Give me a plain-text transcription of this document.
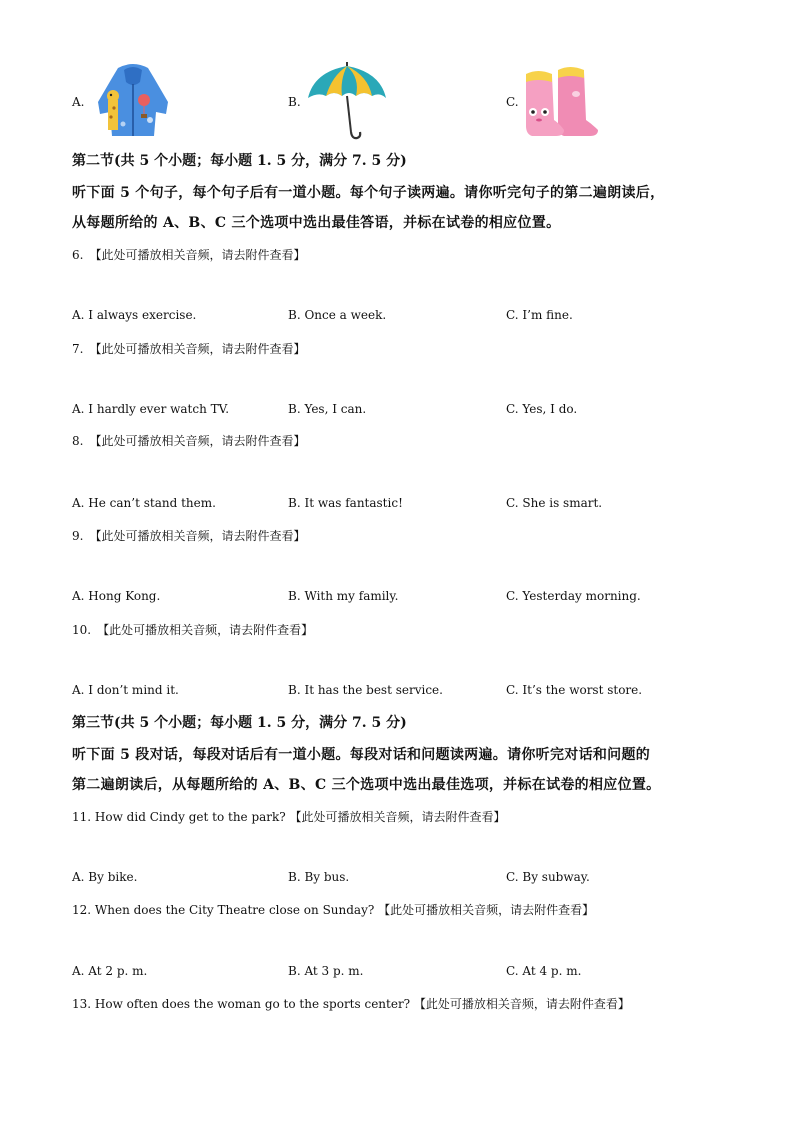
A.	B.	C.
第二节(共 5 个小题；每小题 1. 5 分，满分 7. 5 分)
听下面 5 个句子，每个句子后有一道小题。每个句子读两遍。请你听完句子的第二遍朗读后，
从每题所给的 A、B、C 三个选项中选出最佳答语，并标在试卷的相应位置。
6.　【此处可播放相关音频，请去附件查看】
A. I always exercise.	B. Once a week.	C. I’m fine.
7.　【此处可播放相关音频，请去附件查看】
A. I hardly ever watch TV.	B. Yes, I can.	C. Yes, I do.
8.　【此处可播放相关音频，请去附件查看】
A. He can’t stand them.	B. It was fantastic!	C. She is smart.
9.　【此处可播放相关音频，请去附件查看】
A. Hong Kong.	B. With my family.	C. Yesterday morning.
10.　【此处可播放相关音频，请去附件查看】
A. I don’t mind it.	B. It has the best service.	C. It’s the worst store.
第三节(共 5 个小题；每小题 1. 5 分，满分 7. 5 分)
听下面 5 段对话，每段对话后有一道小题。每段对话和问题读两遍。请你听完对话和问题的
第二遍朗读后，从每题所给的 A、B、C 三个选项中选出最佳选项，并标在试卷的相应位置。
11. How did Cindy get to the park? 【此处可播放相关音频，请去附件查看】
A. By bike.	B. By bus.	C. By subway.
12. When does the City Theatre close on Sunday? 【此处可播放相关音频，请去附件查看】
A. At 2 p. m.	B. At 3 p. m.	C. At 4 p. m.
13. How often does the woman go to the sports center? 【此处可播放相关音频，请去附件查看】
